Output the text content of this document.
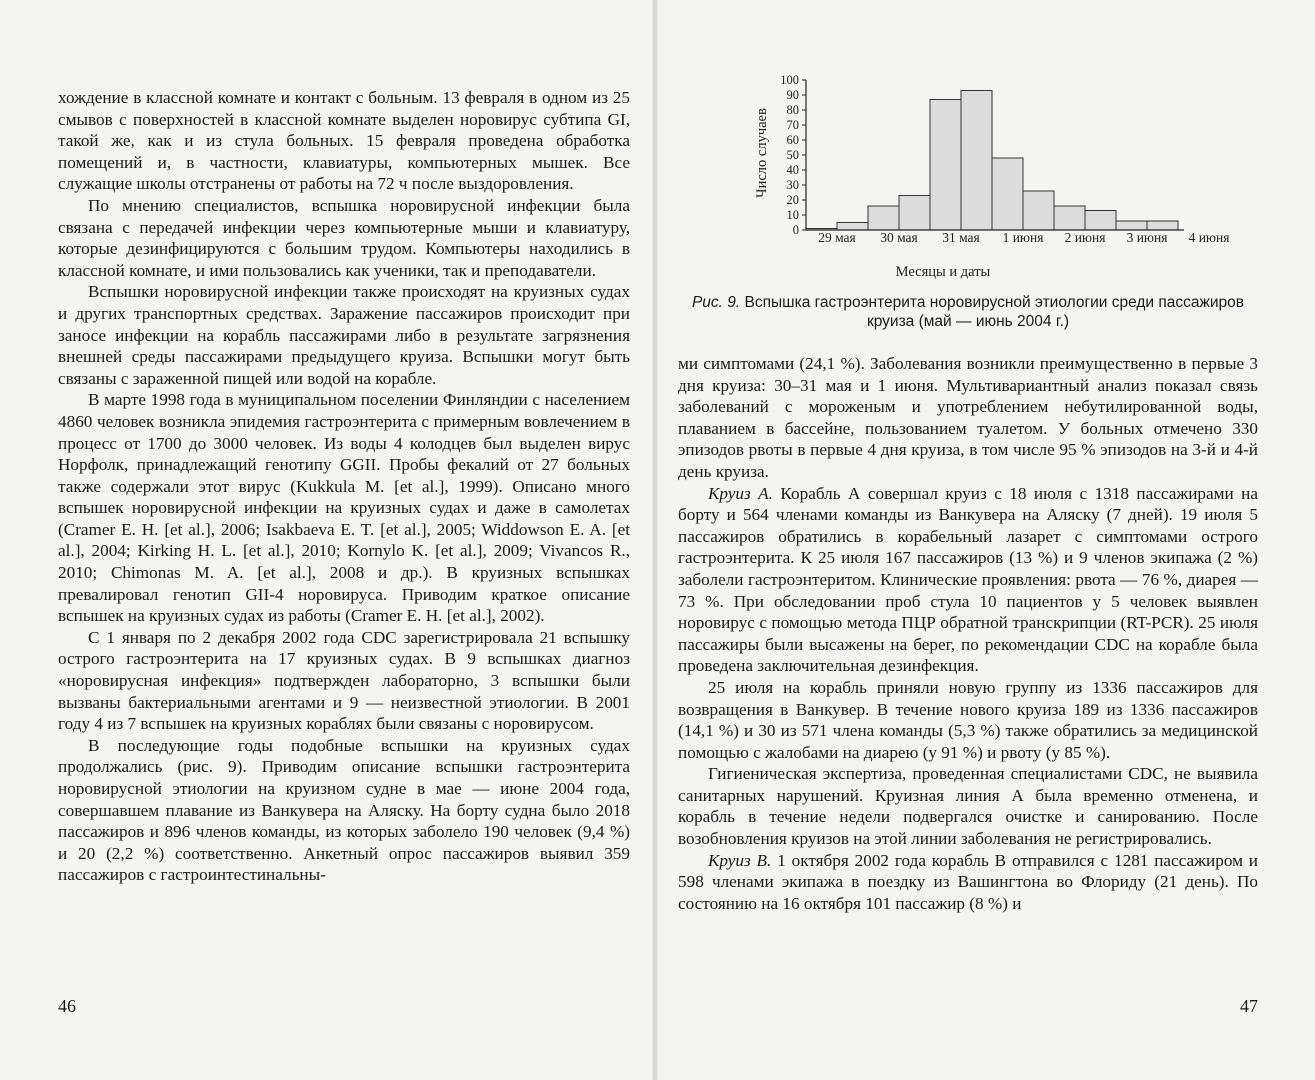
хождение в классной комнате и контакт с больным. 13 февраля в одном из 25 смывов с поверхностей в классной комнате выделен норовирус субтипа GI, такой же, как и из стула больных. 15 февраля проведена обработка помещений и, в частности, клавиатуры, компьютерных мышек. Все служащие школы отстранены от работы на 72 ч после выздоровления.

По мнению специалистов, вспышка норовирусной инфекции была связана с передачей инфекции через компьютерные мыши и клавиатуру, которые дезинфицируются с большим трудом. Компьютеры находились в классной комнате, и ими пользовались как ученики, так и преподаватели.

Вспышки норовирусной инфекции также происходят на круизных судах и других транспортных средствах. Заражение пассажиров происходит при заносе инфекции на корабль пассажирами либо в результате загрязнения внешней среды пассажирами предыдущего круиза. Вспышки могут быть связаны с зараженной пищей или водой на корабле.

В марте 1998 года в муниципальном поселении Финляндии с населением 4860 человек возникла эпидемия гастроэнтерита с примерным вовлечением в процесс от 1700 до 3000 человек. Из воды 4 колодцев был выделен вирус Норфолк, принадлежащий генотипу GGII. Пробы фекалий от 27 больных также содержали этот вирус (Kukkula M. [et al.], 1999). Описано много вспышек норовирусной инфекции на круизных судах и даже в самолетах (Cramer E. H. [et al.], 2006; Isakbaeva E. T. [et al.], 2005; Widdowson E. A. [et al.], 2004; Kirking H. L. [et al.], 2010; Kornylo K. [et al.], 2009; Vivancos R., 2010; Chimonas M. A. [et al.], 2008 и др.). В круизных вспышках превалировал генотип GII-4 норовируса. Приводим краткое описание вспышек на круизных судах из работы (Cramer E. H. [et al.], 2002).

С 1 января по 2 декабря 2002 года CDC зарегистрировала 21 вспышку острого гастроэнтерита на 17 круизных судах. В 9 вспышках диагноз «норовирусная инфекция» подтвержден лабораторно, 3 вспышки были вызваны бактериальными агентами и 9 — неизвестной этиологии. В 2001 году 4 из 7 вспышек на круизных кораблях были связаны с норовирусом.

В последующие годы подобные вспышки на круизных судах продолжались (рис. 9). Приводим описание вспышки гастроэнтерита норовирусной этиологии на круизном судне в мае — июне 2004 года, совершавшем плавание из Ванкувера на Аляску. На борту судна было 2018 пассажиров и 896 членов команды, из которых заболело 190 человек (9,4 %) и 20 (2,2 %) соответственно. Анкетный опрос пассажиров выявил 359 пассажиров с гастроинтестинальны-

46
0
10
20
30
40
50
60
70
80
90
100
Число случаев
29 мая 30 мая 31 мая 1 июня 2 июня 3 июня 4 июня
Месяцы и даты
Рис. 9. Вспышка гастроэнтерита норовирусной этиологии среди пассажиров круиза (май — июнь 2004 г.)

ми симптомами (24,1 %). Заболевания возникли преимущественно в первые 3 дня круиза: 30–31 мая и 1 июня. Мультивариантный анализ показал связь заболеваний с мороженым и употреблением небутилированной воды, плаванием в бассейне, пользованием туалетом. У больных отмечено 330 эпизодов рвоты в первые 4 дня круиза, в том числе 95 % эпизодов на 3-й и 4-й день круиза.

Круиз А. Корабль А совершал круиз с 18 июля с 1318 пассажирами на борту и 564 членами команды из Ванкувера на Аляску (7 дней). 19 июля 5 пассажиров обратились в корабельный лазарет с симптомами острого гастроэнтерита. К 25 июля 167 пассажиров (13 %) и 9 членов экипажа (2 %) заболели гастроэнтеритом. Клинические проявления: рвота — 76 %, диарея — 73 %. При обследовании проб стула 10 пациентов у 5 человек выявлен норовирус с помощью метода ПЦР обратной транскрипции (RT-PCR). 25 июля пассажиры были высажены на берег, по рекомендации CDC на корабле была проведена заключительная дезинфекция.

25 июля на корабль приняли новую группу из 1336 пассажиров для возвращения в Ванкувер. В течение нового круиза 189 из 1336 пассажиров (14,1 %) и 30 из 571 члена команды (5,3 %) также обратились за медицинской помощью с жалобами на диарею (у 91 %) и рвоту (у 85 %).

Гигиеническая экспертиза, проведенная специалистами CDC, не выявила санитарных нарушений. Круизная линия А была временно отменена, и корабль в течение недели подвергался очистке и санированию. После возобновления круизов на этой линии заболевания не регистрировались.

Круиз В. 1 октября 2002 года корабль В отправился с 1281 пассажиром и 598 членами экипажа в поездку из Вашингтона во Флориду (21 день). По состоянию на 16 октября 101 пассажир (8 %) и

47
